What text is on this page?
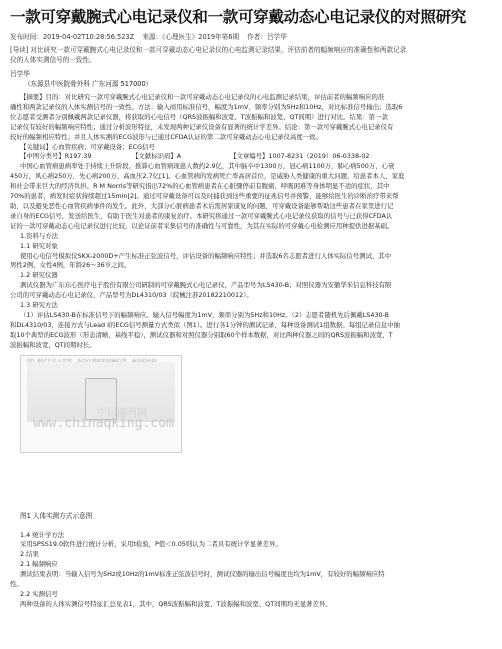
一款可穿戴腕式心电记录仪和一款可穿戴动态心电记录仪的对照研究
发布时间：2019-04-02T10:28:56.523Z 来源：《心理医生》2019年第6期 作者：吕学华
[导读] 对比研究一款可穿戴腕式心电记录仪和一款可穿戴动态心电记录仪的心电监测记录结果，评估前者的幅频响应的准确性和两款记录
仪的人体实测信号的一致性。
吕学华
（东源县中医院骨外科 广东河源 517000）
【摘要】目的：对比研究一款可穿戴腕式心电记录仪和一款可穿戴动态心电记录仪的心电监测记录结果，评估前者的幅频响应的准
确性和两款记录仪的人体实测信号的一致性。方法：输入商用标准信号，幅度为1mV，频率分别为5Hz和10Hz，对比标准信号输出；选取6
位志愿者受测者分别佩戴两款记录仪器，将获取的心电信号（QRS波振幅和波宽、T波振幅和波宽、QT间期）进行对比。结果：第一款
记录仪有较好的幅频响应特性；通过分析波形特征，未发现两种记录仪设备有显著的统计学差异。结论：第一款可穿戴腕式心电记录仪有
较好的幅频相应特性；并且人体实测的ECG波形与已通过CFDA认证的第二款可穿戴动态心电记录仪高度一致。
【关键词】心血管疾病；可穿戴设备；ECG信号
【中图分类号】R197.39	【文献标识码】A	【文章编号】1007-8231（2019）06-0338-02
中国心血管病患病率处于持续上升阶段。推算心血管病现患人数约2.9亿，其中脑卒中1300万，冠心病1100万，肺心病500万，心衰
450万，风心病250万，先心病200万，高血压2.7亿[1]。心血管病的发病死亡率高居首位，是威胁人类健康的重大问题，给患者本人、家庭
和社会带来巨大的经济负担。R M Norris等研究指出72%的心血管病患者在心脏骤停前有腹痛、呼吸困难等身体明显不适的症状，其中
70%的患者，病发时症状持续超过15min[2]。通过可穿戴设备可以及时捕获到这些重要的征兆信号并预警，能够给医生的诊断治疗带来帮
助，以及避免恶性心血管疾病事件的发生。此外，大部分心脏病患者术后需居家康复的问题，可穿戴设备能够帮助这些患者在家里进行记
录自身的ECG信号，发送给医生，有助于医生对患者的康复治疗。本研究将通过一款可穿戴腕式心电记录仪获取的信号与已获得CFDA认
证的一款可穿戴动态心电记录仪进行比较，以论证前者采集信号的准确性与可靠性，为其在实际的可穿戴心电检测应用种提供进据基础。
1.资料与方法
1.1 研究对象
使用心电信号模拟仪SKX-2000D+产生标准正弦波信号，评估设备的幅频响应特性；并选取6名志愿者进行人体实际信号测试，其中
男性2例，女性4例，年龄26～36岁之间。
1.2 研究仪器
测试仪器为广东东心医疗电子股份有限公司研制的可穿戴腕式心电记录仪，产品型号为LS430-B；对照仪器为安徽华米信息科技有限
公司的可穿戴动态心电记录仪，产品型号为DL4310/03（皖械注准20182210012）。
1.3 研究方法
（1）评估LS430-B在标准信号下的幅频响应。输入信号幅度为1mV，频率分别为5Hz和10Hz。（2）志愿者随机先后佩戴LS430-B
和DL4310/03，连接方式与Lead I的ECG信号测量方式类似（图1）。进行各1分钟的测试记录，每种设备测试1组数据。每组记录信息中抽
取10个典型的ECG波形（形态清晰，基线平稳），测试仪器和对照仪器分别取60个样本数据，对比两种仪器之间的QRS波振幅和波宽，T
波振幅和波宽，QT间期时长。
中国期刊网
www.chinaqking.com
图1 人体实测方式示意图
1.4 统计学方法
采用SPSS19.0软件进行统计分析，采用t检验，P值＜0.05则认为二者具有统计学显著差异。
2.结果
2.1 幅频响应
测试结果表明：当输入信号为5Hz或10Hz的1mV标准正弦波信号时，测试仪器的输出信号幅度也均为1mV，有较好的幅频响应特
性。
2.2 实测信号
两种设备的人体实测信号特征汇总见表1，其中，QRS波振幅和波宽、T波振幅和波宽、QT间期均无显著差异。
